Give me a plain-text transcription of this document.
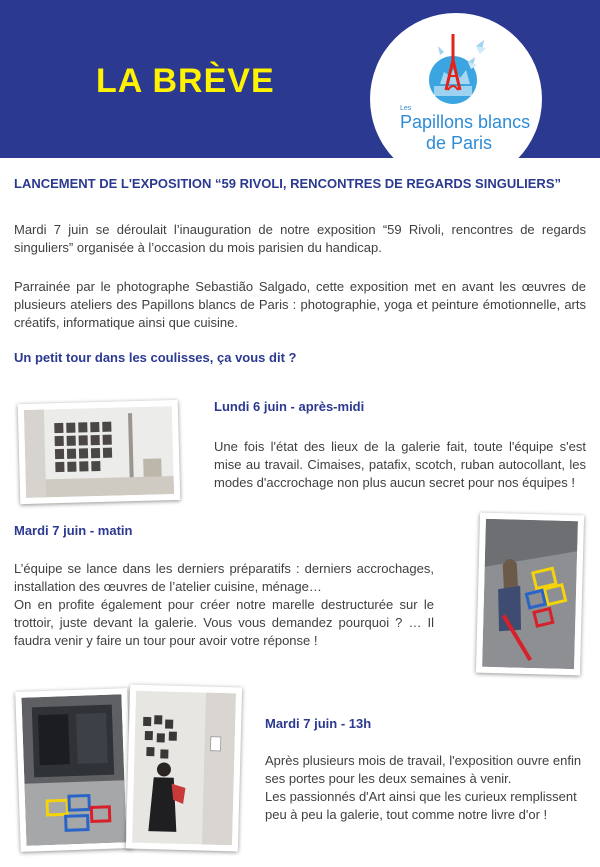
LA BRÈVE
Les
Papillons blancs
de Paris
LANCEMENT DE L'EXPOSITION “59 RIVOLI, RENCONTRES DE REGARDS SINGULIERS”
Mardi 7 juin se déroulait l’inauguration de notre exposition “59 Rivoli, rencontres de regards singuliers” organisée à l’occasion du mois parisien du handicap.
Parrainée par le photographe Sebastião Salgado, cette exposition met en avant les œuvres de plusieurs ateliers des Papillons blancs de Paris : photographie, yoga et peinture émotionnelle, arts créatifs, informatique ainsi que cuisine.
Un petit tour dans les coulisses, ça vous dit ?
Lundi 6 juin - après-midi
Une fois l'état des lieux de la galerie fait, toute l'équipe s'est mise au travail. Cimaises, patafix, scotch, ruban autocollant, les modes d'accrochage non plus aucun secret pour nos équipes !
Mardi 7 juin - matin
L’équipe se lance dans les derniers préparatifs : derniers accrochages, installation des œuvres de l’atelier cuisine, ménage…
On en profite également pour créer notre marelle destructurée sur le trottoir, juste devant la galerie. Vous vous demandez pourquoi ? … Il faudra venir y faire un tour pour avoir votre réponse !
Mardi 7 juin - 13h
Après plusieurs mois de travail, l'exposition ouvre enfin ses portes pour les deux semaines à venir.
Les passionnés d'Art ainsi que les curieux remplissent peu à peu la galerie, tout comme notre livre d'or !
